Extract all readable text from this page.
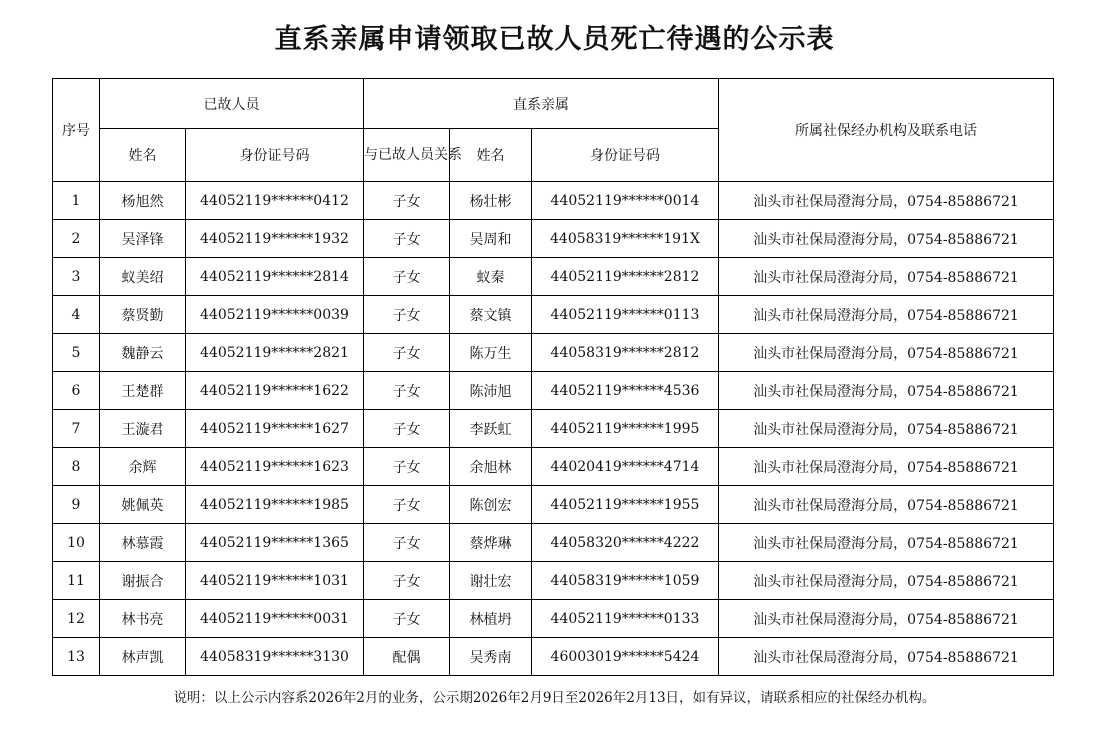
直系亲属申请领取已故人员死亡待遇的公示表
序号	已故人员		直系亲属			所属社保经办机构及联系电话
	姓名	身份证号码	与已故人员关系	姓名	身份证号码	
1	杨旭然	44052119******0412	子女	杨壮彬	44052119******0014	汕头市社保局澄海分局，0754-85886721
2	吴泽锋	44052119******1932	子女	吴周和	44058319******191X	汕头市社保局澄海分局，0754-85886721
3	蚁美绍	44052119******2814	子女	蚁秦	44052119******2812	汕头市社保局澄海分局，0754-85886721
4	蔡贤勤	44052119******0039	子女	蔡文镇	44052119******0113	汕头市社保局澄海分局，0754-85886721
5	魏静云	44052119******2821	子女	陈万生	44058319******2812	汕头市社保局澄海分局，0754-85886721
6	王楚群	44052119******1622	子女	陈沛旭	44052119******4536	汕头市社保局澄海分局，0754-85886721
7	王漩君	44052119******1627	子女	李跃虹	44052119******1995	汕头市社保局澄海分局，0754-85886721
8	余辉	44052119******1623	子女	余旭林	44020419******4714	汕头市社保局澄海分局，0754-85886721
9	姚佩英	44052119******1985	子女	陈创宏	44052119******1955	汕头市社保局澄海分局，0754-85886721
10	林慕霞	44052119******1365	子女	蔡烨琳	44058320******4222	汕头市社保局澄海分局，0754-85886721
11	谢振合	44052119******1031	子女	谢壮宏	44058319******1059	汕头市社保局澄海分局，0754-85886721
12	林书亮	44052119******0031	子女	林植坍	44052119******0133	汕头市社保局澄海分局，0754-85886721
13	林声凯	44058319******3130	配偶	吴秀南	46003019******5424	汕头市社保局澄海分局，0754-85886721
说明：以上公示内容系2026年2月的业务，公示期2026年2月9日至2026年2月13日，如有异议，请联系相应的社保经办机构。
